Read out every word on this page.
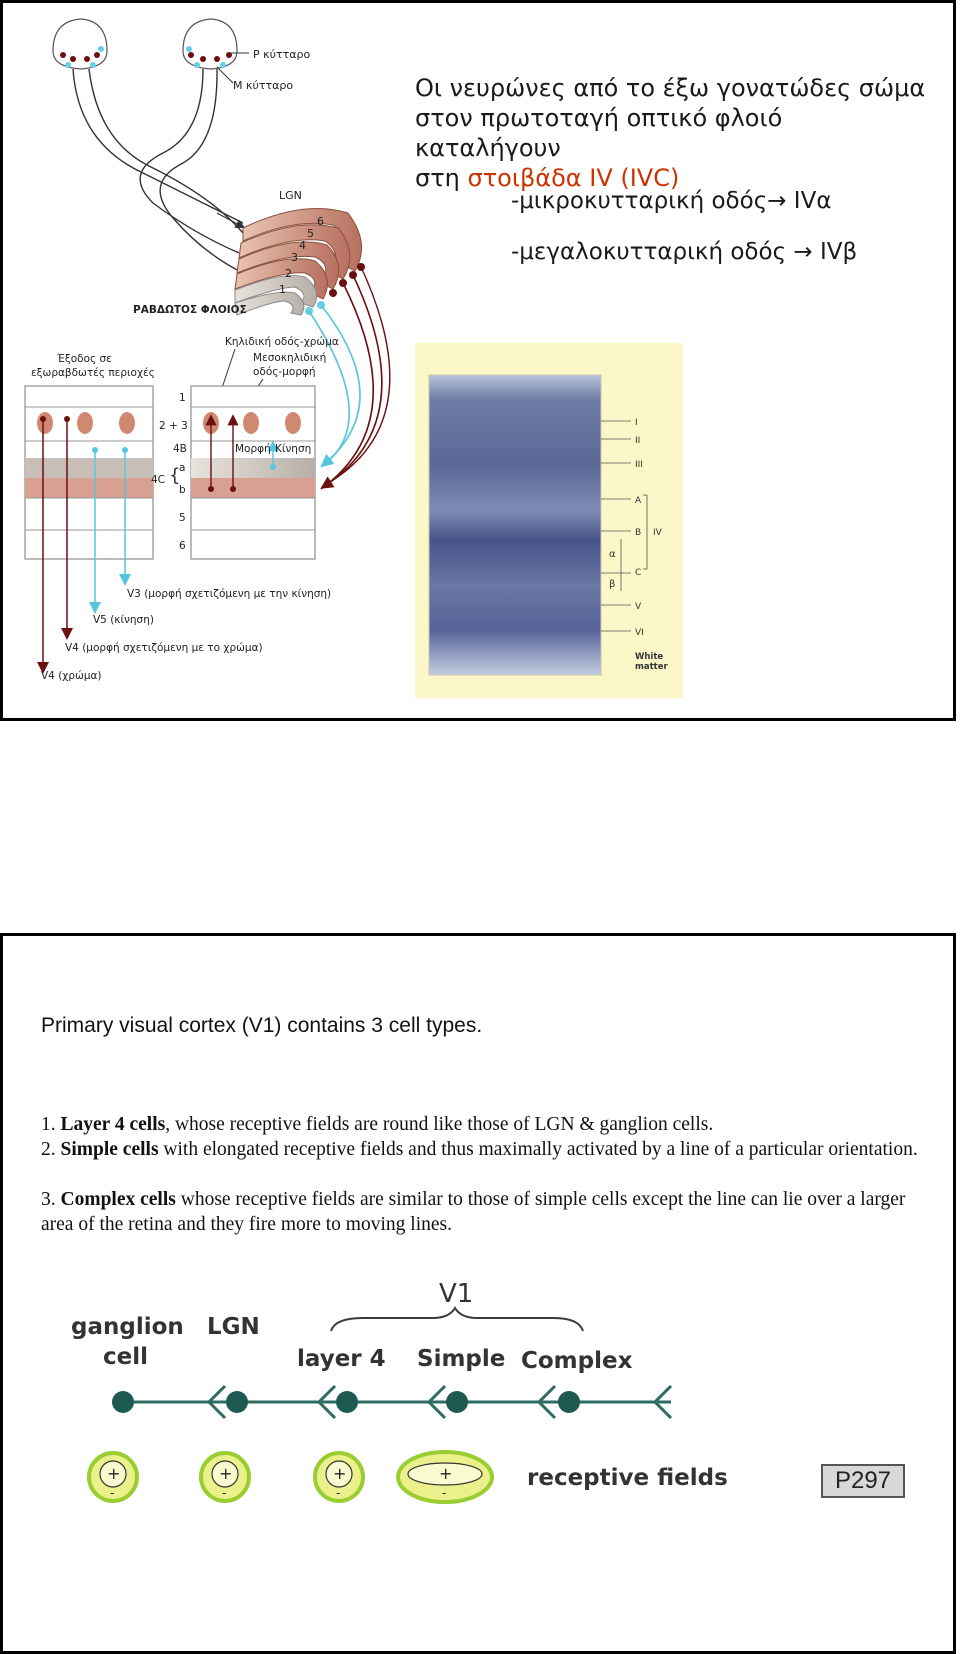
P κύτταρο
Μ κύτταρο
LGN
1
2
3
4
5
6
ΡΑΒΔΩΤΟΣ ΦΛΟΙΟΣ
Κηλιδική οδός-χρώμα
Μεσοκηλιδική
οδός-μορφή
Έξοδος σε
εξωραβδωτές περιοχές
1
2 + 3
4B
a
b
4C {
5
6
Μορφή Κίνηση
V3 (μορφή σχετιζόμενη με την κίνηση)
V5 (κίνηση)
V4 (μορφή σχετιζόμενη με το χρώμα)
V4 (χρώμα)
I
II
III
A
B IV
α
C
β
V
VI
White
matter
Οι νευρώνες από το έξω γονατώδες σώμα
στον πρωτοταγή οπτικό φλοιό καταλήγουν
στη στοιβάδα IV (IVC)
-μικροκυτταρική οδός→ IVα
-μεγαλοκυτταρική οδός → IVβ
Primary visual cortex (V1) contains 3 cell types.
1. Layer 4 cells, whose receptive fields are round like those of LGN & ganglion cells.
2. Simple cells with elongated receptive fields and thus maximally activated by a line of a particular orientation.
3. Complex cells whose receptive fields are similar to those of simple cells except the line can lie over a larger area of the retina and they fire more to moving lines.
V1
ganglion
cell
LGN
layer 4 Simple Complex
+
-
+
-
+
-
+
-
receptive fields	P297
